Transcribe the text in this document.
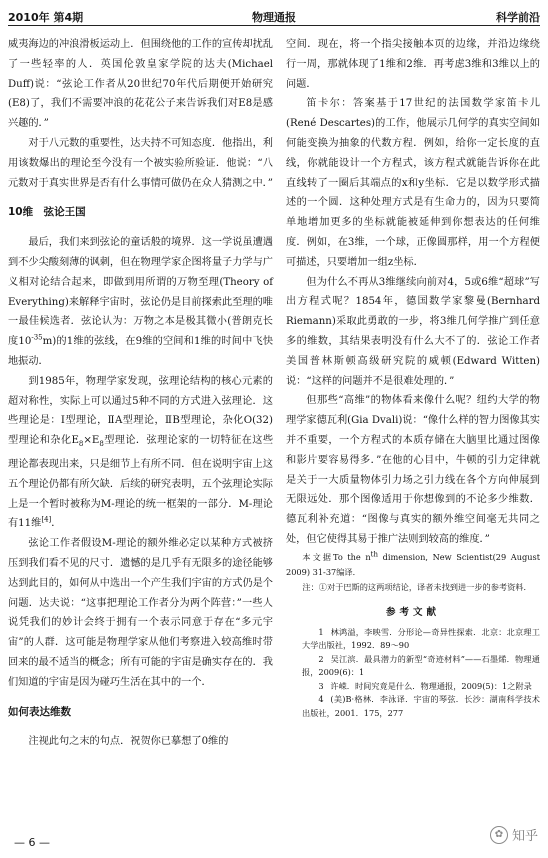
2010年 第4期	物理通报	科学前沿

威夷海边的冲浪滑板运动上．但围绕他的工作的宣传却扰乱了一些轻率的人．英国伦敦皇家学院的达夫(Michael Duff)说：“弦论工作者从20世纪70年代后期便开始研究(E8)了，我们不需要冲浪的花花公子来告诉我们对E8是感兴趣的．”

对于八元数的重要性，达夫持不可知态度．他指出，利用该数爆出的理论至今没有一个被实验所验证．他说：“八元数对于真实世界是否有什么事情可做仍在众人猜测之中．”

10维　弦论王国

最后，我们来到弦论的童话般的境界．这一学说虽遭遇到不少尖酸刻薄的讽刺，但在物理学家企图将量子力学与广义相对论结合起来，即做到用所谓的万物至理(Theory of Everything)来解释宇宙时，弦论仍是目前探索此至理的唯一最佳候选者．弦论认为：万物之本是极其微小(普朗克长度$10^{-35}m$)的1维的弦线，在9维的空间和1维的时间中飞快地振动．

到1985年，物理学家发现，弦理论结构的核心元素的超对称性，实际上可以通过5种不同的方式进入弦理论．这些理论是：Ⅰ型理论，ⅡA型理论，ⅡB型理论，杂化O(32)型理论和杂化$E_8\times E_8$型理论．弦理论家的一切特征在这些理论都表现出来，只是细节上有所不同．但在说明宇宙上这五个理论仍都有所欠缺．后续的研究表明，五个弦理论实际上是一个暂时被称为M-理论的统一框架的一部分．M-理论有11维[4]．

弦论工作者假设M-理论的额外维必定以某种方式被挤压到我们看不见的尺寸．遗憾的是几乎有无限多的途径能够达到此目的，如何从中选出一个产生我们宇宙的方式仍是个问题．达夫说：“这事把理论工作者分为两个阵营：”一些人说凭我们的妙计会终于拥有一个表示同意于存在“多元宇宙”的人群．这可能是物理学家从他们考察进入较高维时带回来的最不适当的概念；所有可能的宇宙是确实存在的．我们知道的宇宙是因为碰巧生活在其中的一个．

如何表达维数

注视此句之末的句点．祝贺你已摹想了0维的

空间．现在，将一个指尖接触本页的边缘，并沿边缘绕行一周，那就体现了1维和2维．再考虑3维和3维以上的问题．

笛卡尔：答案基于17世纪的法国数学家笛卡儿(René Descartes)的工作，他展示几何学的真实空间如何能变换为抽象的代数方程．例如，给你一定长度的直线，你就能设计一个方程式，该方程式就能告诉你在此直线转了一圈后其端点的x和y坐标．它是以数学形式描述的一个圆．这种处理方式是有生命力的，因为只要简单地增加更多的坐标就能被延伸到你想表达的任何维度．例如，在3维，一个球，正像圆那样，用一个方程便可描述，只要增加一组z坐标．

但为什么不再从3维继续向前对4，5或6维“超球”写出方程式呢？1854年，德国数学家黎曼(Bernhard Riemann)采取此勇敢的一步，将3维几何学推广到任意多的维数，其结果表明没有什么大不了的．弦论工作者美国普林斯顿高级研究院的威顿(Edward Witten)说：“这样的问题并不是很难处理的．”

但那些“高维”的物体看来像什么呢？纽约大学的物理学家德瓦利(Gia Dvali)说：“像什么样的智力图像其实并不重要，一个方程式的本质存储在大脑里比通过图像和影片要容易得多．”在他的心目中，牛顿的引力定律就是关于一大质量物体引力场之引力线在各个方向伸展到无限远处．那个图像适用于你想像到的不论多少维数．德瓦利补充道：“图像与真实的额外维空间毫无共同之处，但它使得其易于推广法则到较高的维度．”

本文据To the $n^{th}$ dimension, New Scientist(29 August 2009) 31-37编译．

注：①对于巴斯的这两项结论，译者未找到进一步的参考资料．

参考文献

1 林鸿溢，李映雪．分形论—奇异性探索．北京：北京理工大学出版社，1992．89～90

2 吴江滨．最具潜力的新型“奇迹材料”——石墨烯．物理通报，2009(6)：1

3 许嵘．时间究竟是什么．物理通报，2009(5)：1之附录

4 (美)B·格林．李泳译．宇宙的琴弦．长沙：湖南科学技术出版社，2001．175，277

— 6 —
✿ 知乎
